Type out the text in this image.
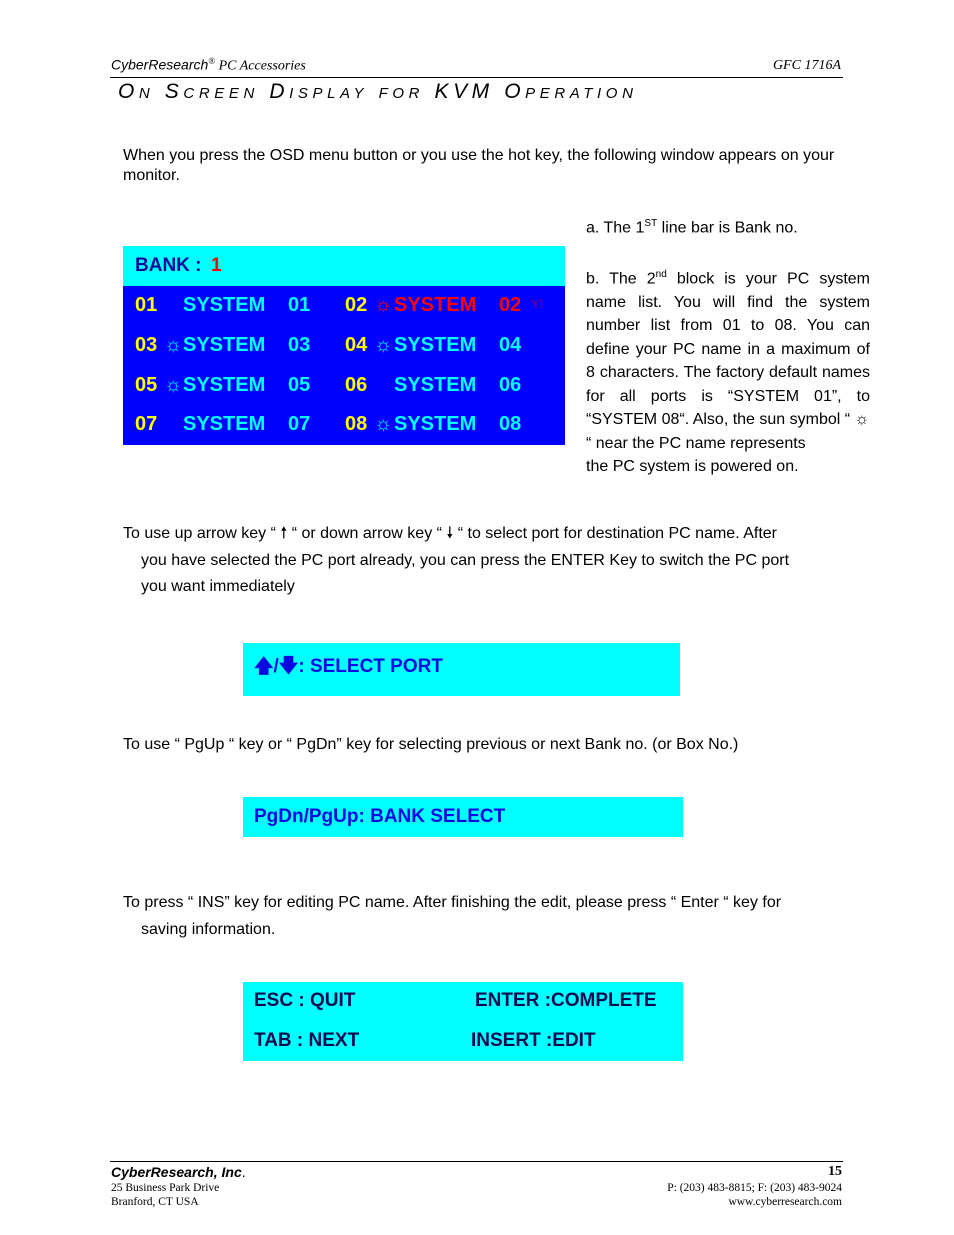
CyberResearch® PC Accessories	GFC 1716A
On Screen Display for KVM Operation

When you press the OSD menu button or you use the hot key, the following window appears on your monitor.

BANK : 1
01 SYSTEM 01 02 ☼ SYSTEM 02 ☜
03 ☼ SYSTEM 03 04 ☼ SYSTEM 04
05 ☼ SYSTEM 05 06 SYSTEM 06
07 SYSTEM 07 08 ☼ SYSTEM 08
a. The 1ST line bar is Bank no.
b. The 2nd block is your PC system name list. You will find the system number list from 01 to 08. You can define your PC name in a maximum of 8 characters. The factory default names for all ports is “SYSTEM 01”, to “SYSTEM 08“. Also, the sun symbol “ ☼
“ near the PC name represents
the PC system is powered on.
To use up arrow key “ 🠕 “ or down arrow key “ 🠗 “ to select port for destination PC name. After
you have selected the PC port already, you can press the ENTER Key to switch the PC port
you want immediately
🡅/🡇: SELECT PORT
To use “ PgUp “ key or “ PgDn” key for selecting previous or next Bank no. (or Box No.)
PgDn/PgUp: BANK SELECT
To press “ INS” key for editing PC name. After finishing the edit, please press “ Enter “ key for
saving information.
ESC : QUIT	ENTER :COMPLETE
TAB : NEXT	INSERT :EDIT
CyberResearch, Inc.	15
25 Business Park Drive
Branford, CT USA
P: (203) 483-8815; F: (203) 483-9024
www.cyberresearch.com
